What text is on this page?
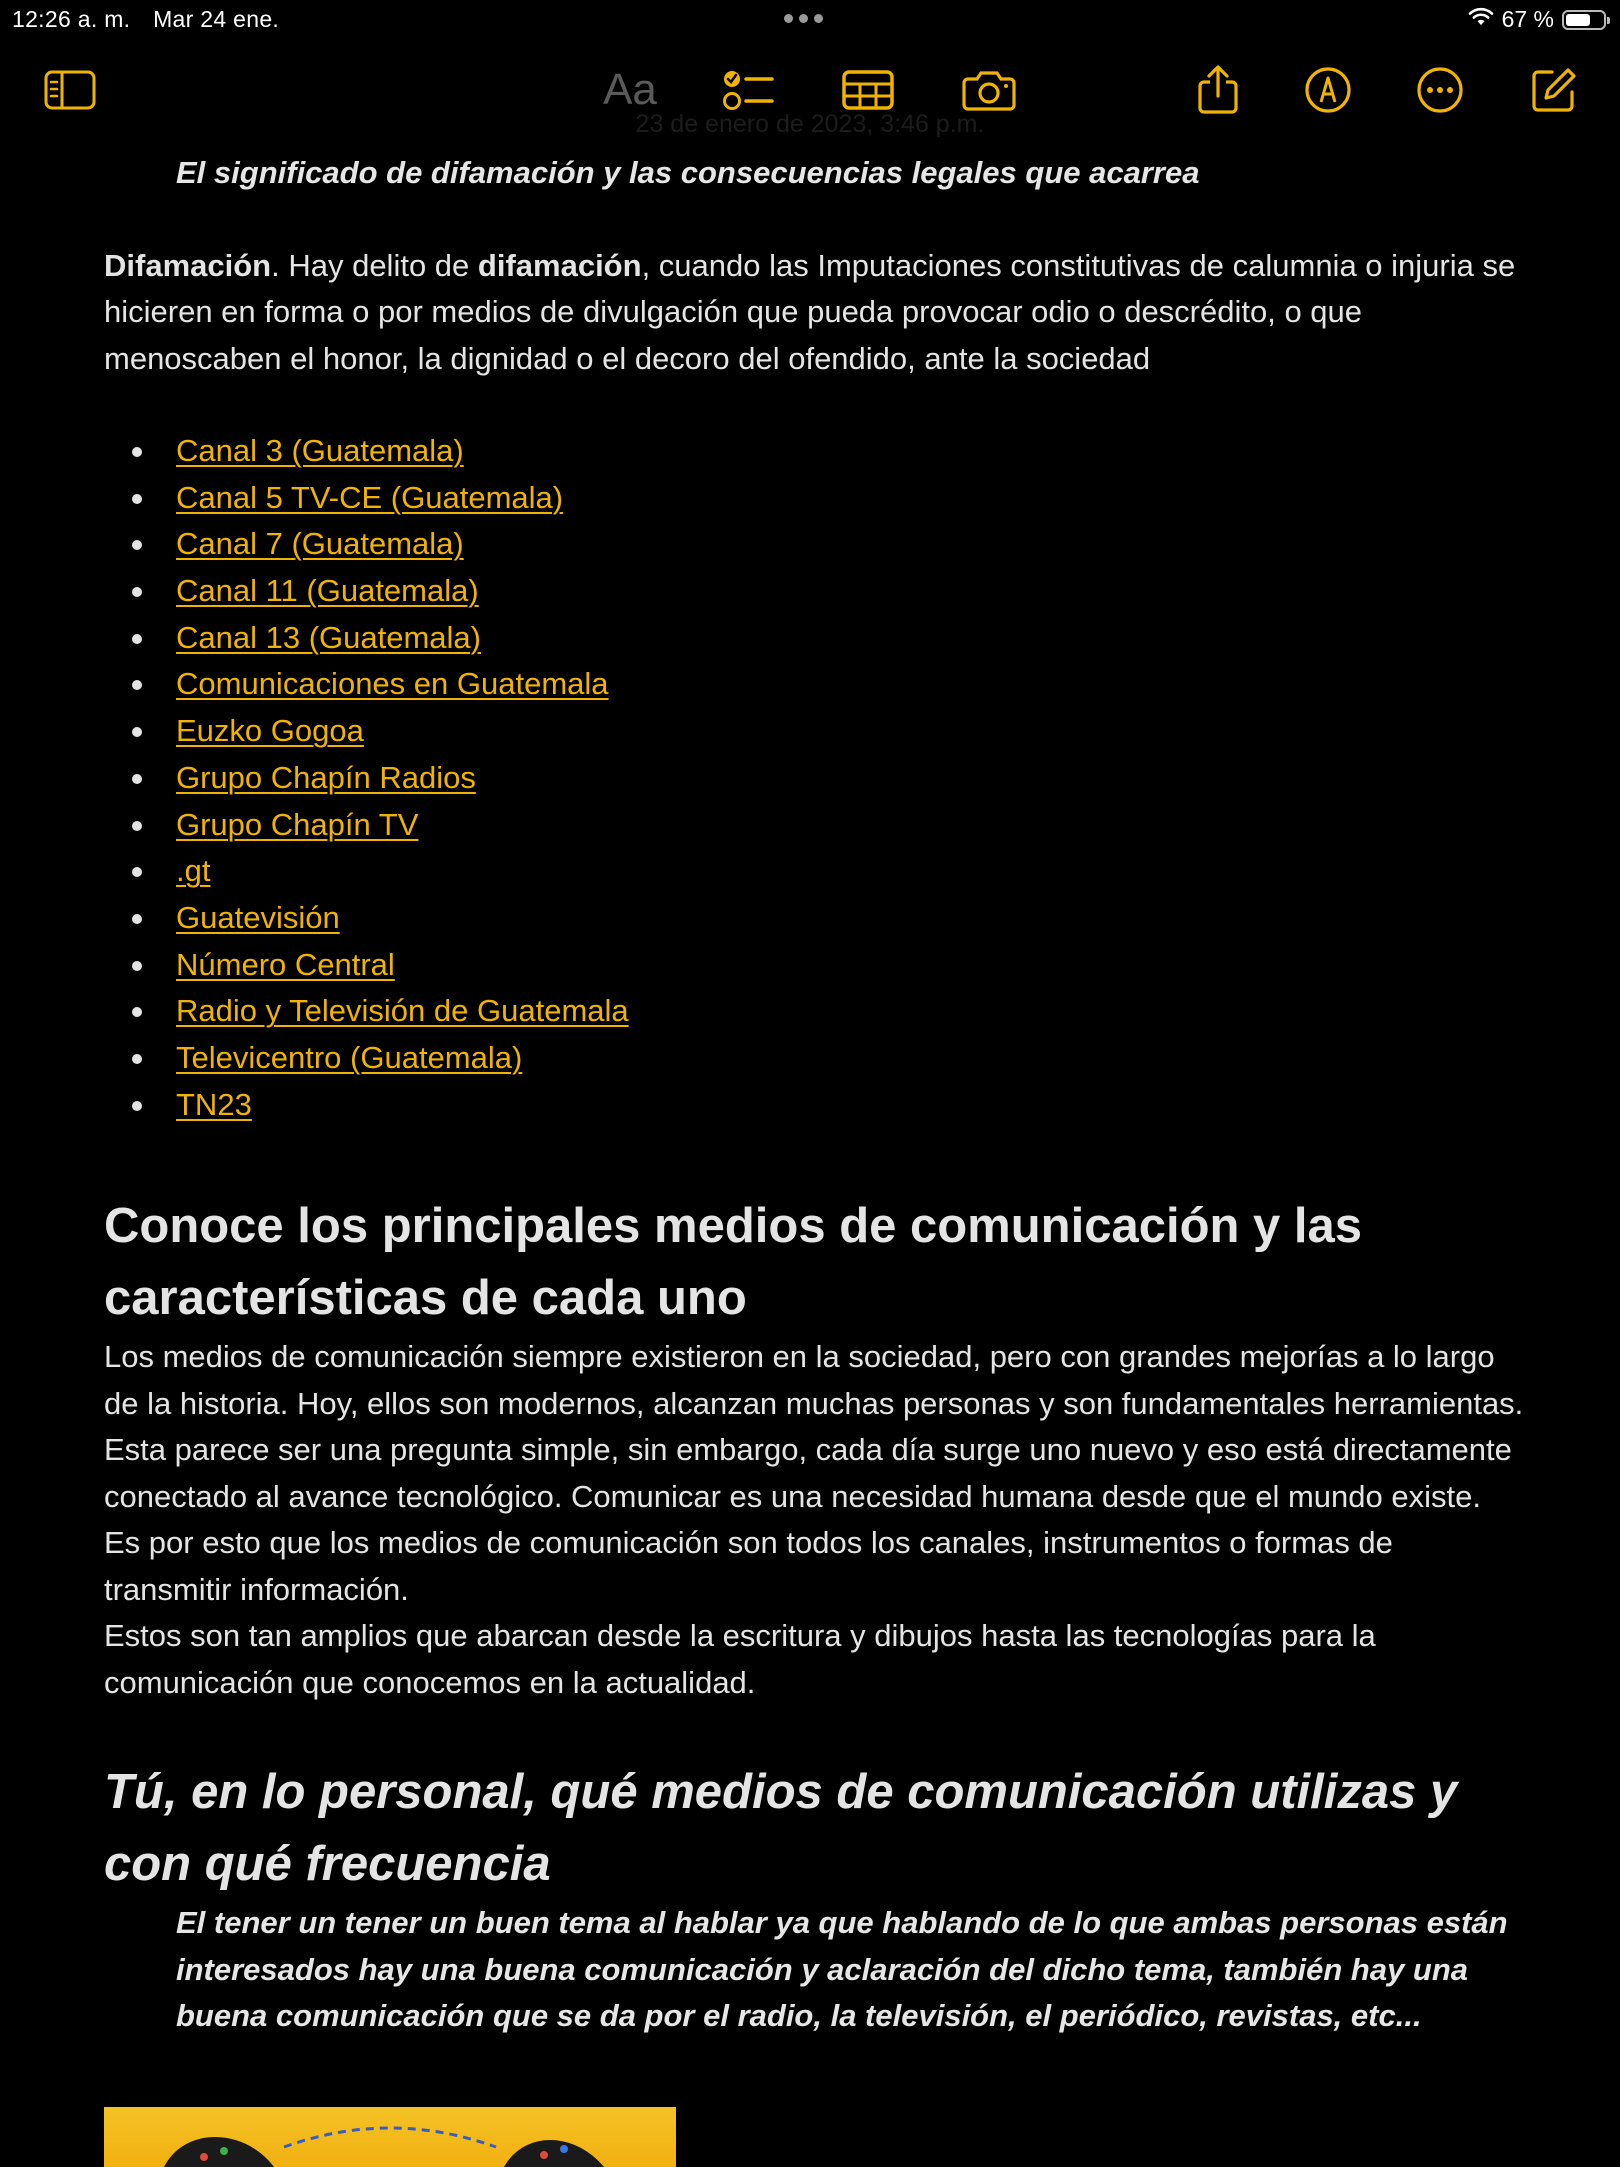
12:26 a. m. Mar 24 ene.	67 %
Aa
23 de enero de 2023, 3:46 p.m.

El significado de difamación y las consecuencias legales que acarrea

Difamación. Hay delito de difamación, cuando las Imputaciones constitutivas de calumnia o injuria se hicieren en forma o por medios de divulgación que pueda provocar odio o descrédito, o que menoscaben el honor, la dignidad o el decoro del ofendido, ante la sociedad

Canal 3 (Guatemala)
Canal 5 TV-CE (Guatemala)
Canal 7 (Guatemala)
Canal 11 (Guatemala)
Canal 13 (Guatemala)
Comunicaciones en Guatemala
Euzko Gogoa
Grupo Chapín Radios
Grupo Chapín TV
.gt
Guatevisión
Número Central
Radio y Televisión de Guatemala
Televicentro (Guatemala)
TN23
Conoce los principales medios de comunicación y las características de cada uno

Los medios de comunicación siempre existieron en la sociedad, pero con grandes mejorías a lo largo de la historia. Hoy, ellos son modernos, alcanzan muchas personas y son fundamentales herramientas. Esta parece ser una pregunta simple, sin embargo, cada día surge uno nuevo y eso está directamente conectado al avance tecnológico. Comunicar es una necesidad humana desde que el mundo existe. Es por esto que los medios de comunicación son todos los canales, instrumentos o formas de transmitir información.

Estos son tan amplios que abarcan desde la escritura y dibujos hasta las tecnologías para la comunicación que conocemos en la actualidad.

Tú, en lo personal, qué medios de comunicación utilizas y con qué frecuencia

El tener un tener un buen tema al hablar ya que hablando de lo que ambas personas están interesados hay una buena comunicación y aclaración del dicho tema, también hay una buena comunicación que se da por el radio, la televisión, el periódico, revistas, etc...
